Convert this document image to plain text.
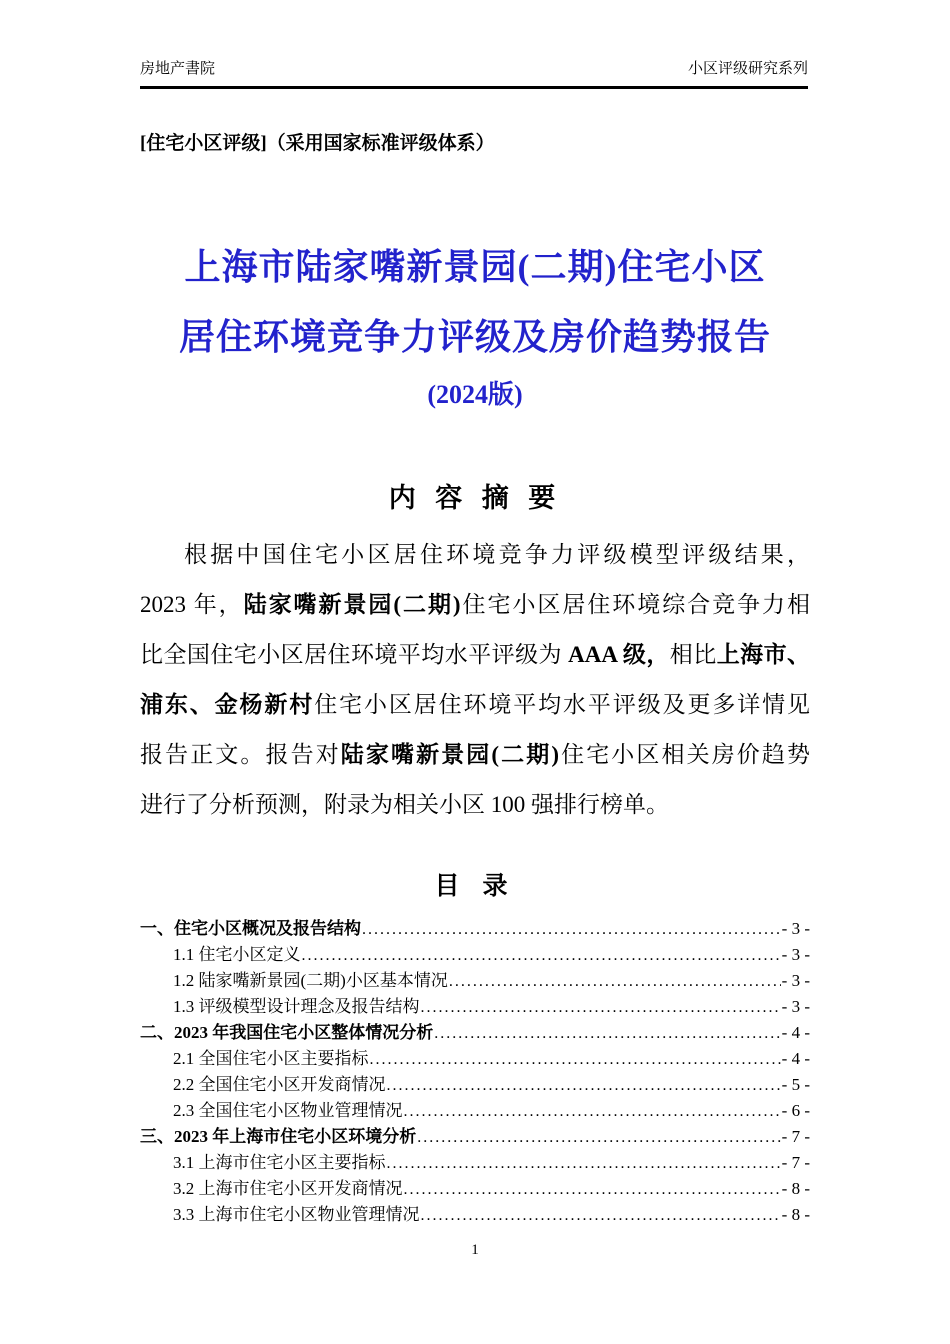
房地产書院	小区评级研究系列
[住宅小区评级]（采用国家标准评级体系）
上海市陆家嘴新景园(二期)住宅小区
居住环境竞争力评级及房价趋势报告
(2024版)
内 容 摘 要
根据中国住宅小区居住环境竞争力评级模型评级结果，
2023 年，陆家嘴新景园(二期)住宅小区居住环境综合竞争力相
比全国住宅小区居住环境平均水平评级为 AAA 级，相比上海市、
浦东、金杨新村住宅小区居住环境平均水平评级及更多详情见
报告正文。报告对陆家嘴新景园(二期)住宅小区相关房价趋势
进行了分析预测，附录为相关小区 100 强排行榜单。
目 录
一、住宅小区概况及报告结构 .....	- 3 -
1.1 住宅小区定义 .....	- 3 -
1.2 陆家嘴新景园(二期)小区基本情况 .....	- 3 -
1.3 评级模型设计理念及报告结构 .....	- 3 -
二、2023 年我国住宅小区整体情况分析 .....	- 4 -
2.1 全国住宅小区主要指标 .....	- 4 -
2.2 全国住宅小区开发商情况 .....	- 5 -
2.3 全国住宅小区物业管理情况 .....	- 6 -
三、2023 年上海市住宅小区环境分析 .....	- 7 -
3.1 上海市住宅小区主要指标 .....	- 7 -
3.2 上海市住宅小区开发商情况 .....	- 8 -
3.3 上海市住宅小区物业管理情况 .....	- 8 -
1
